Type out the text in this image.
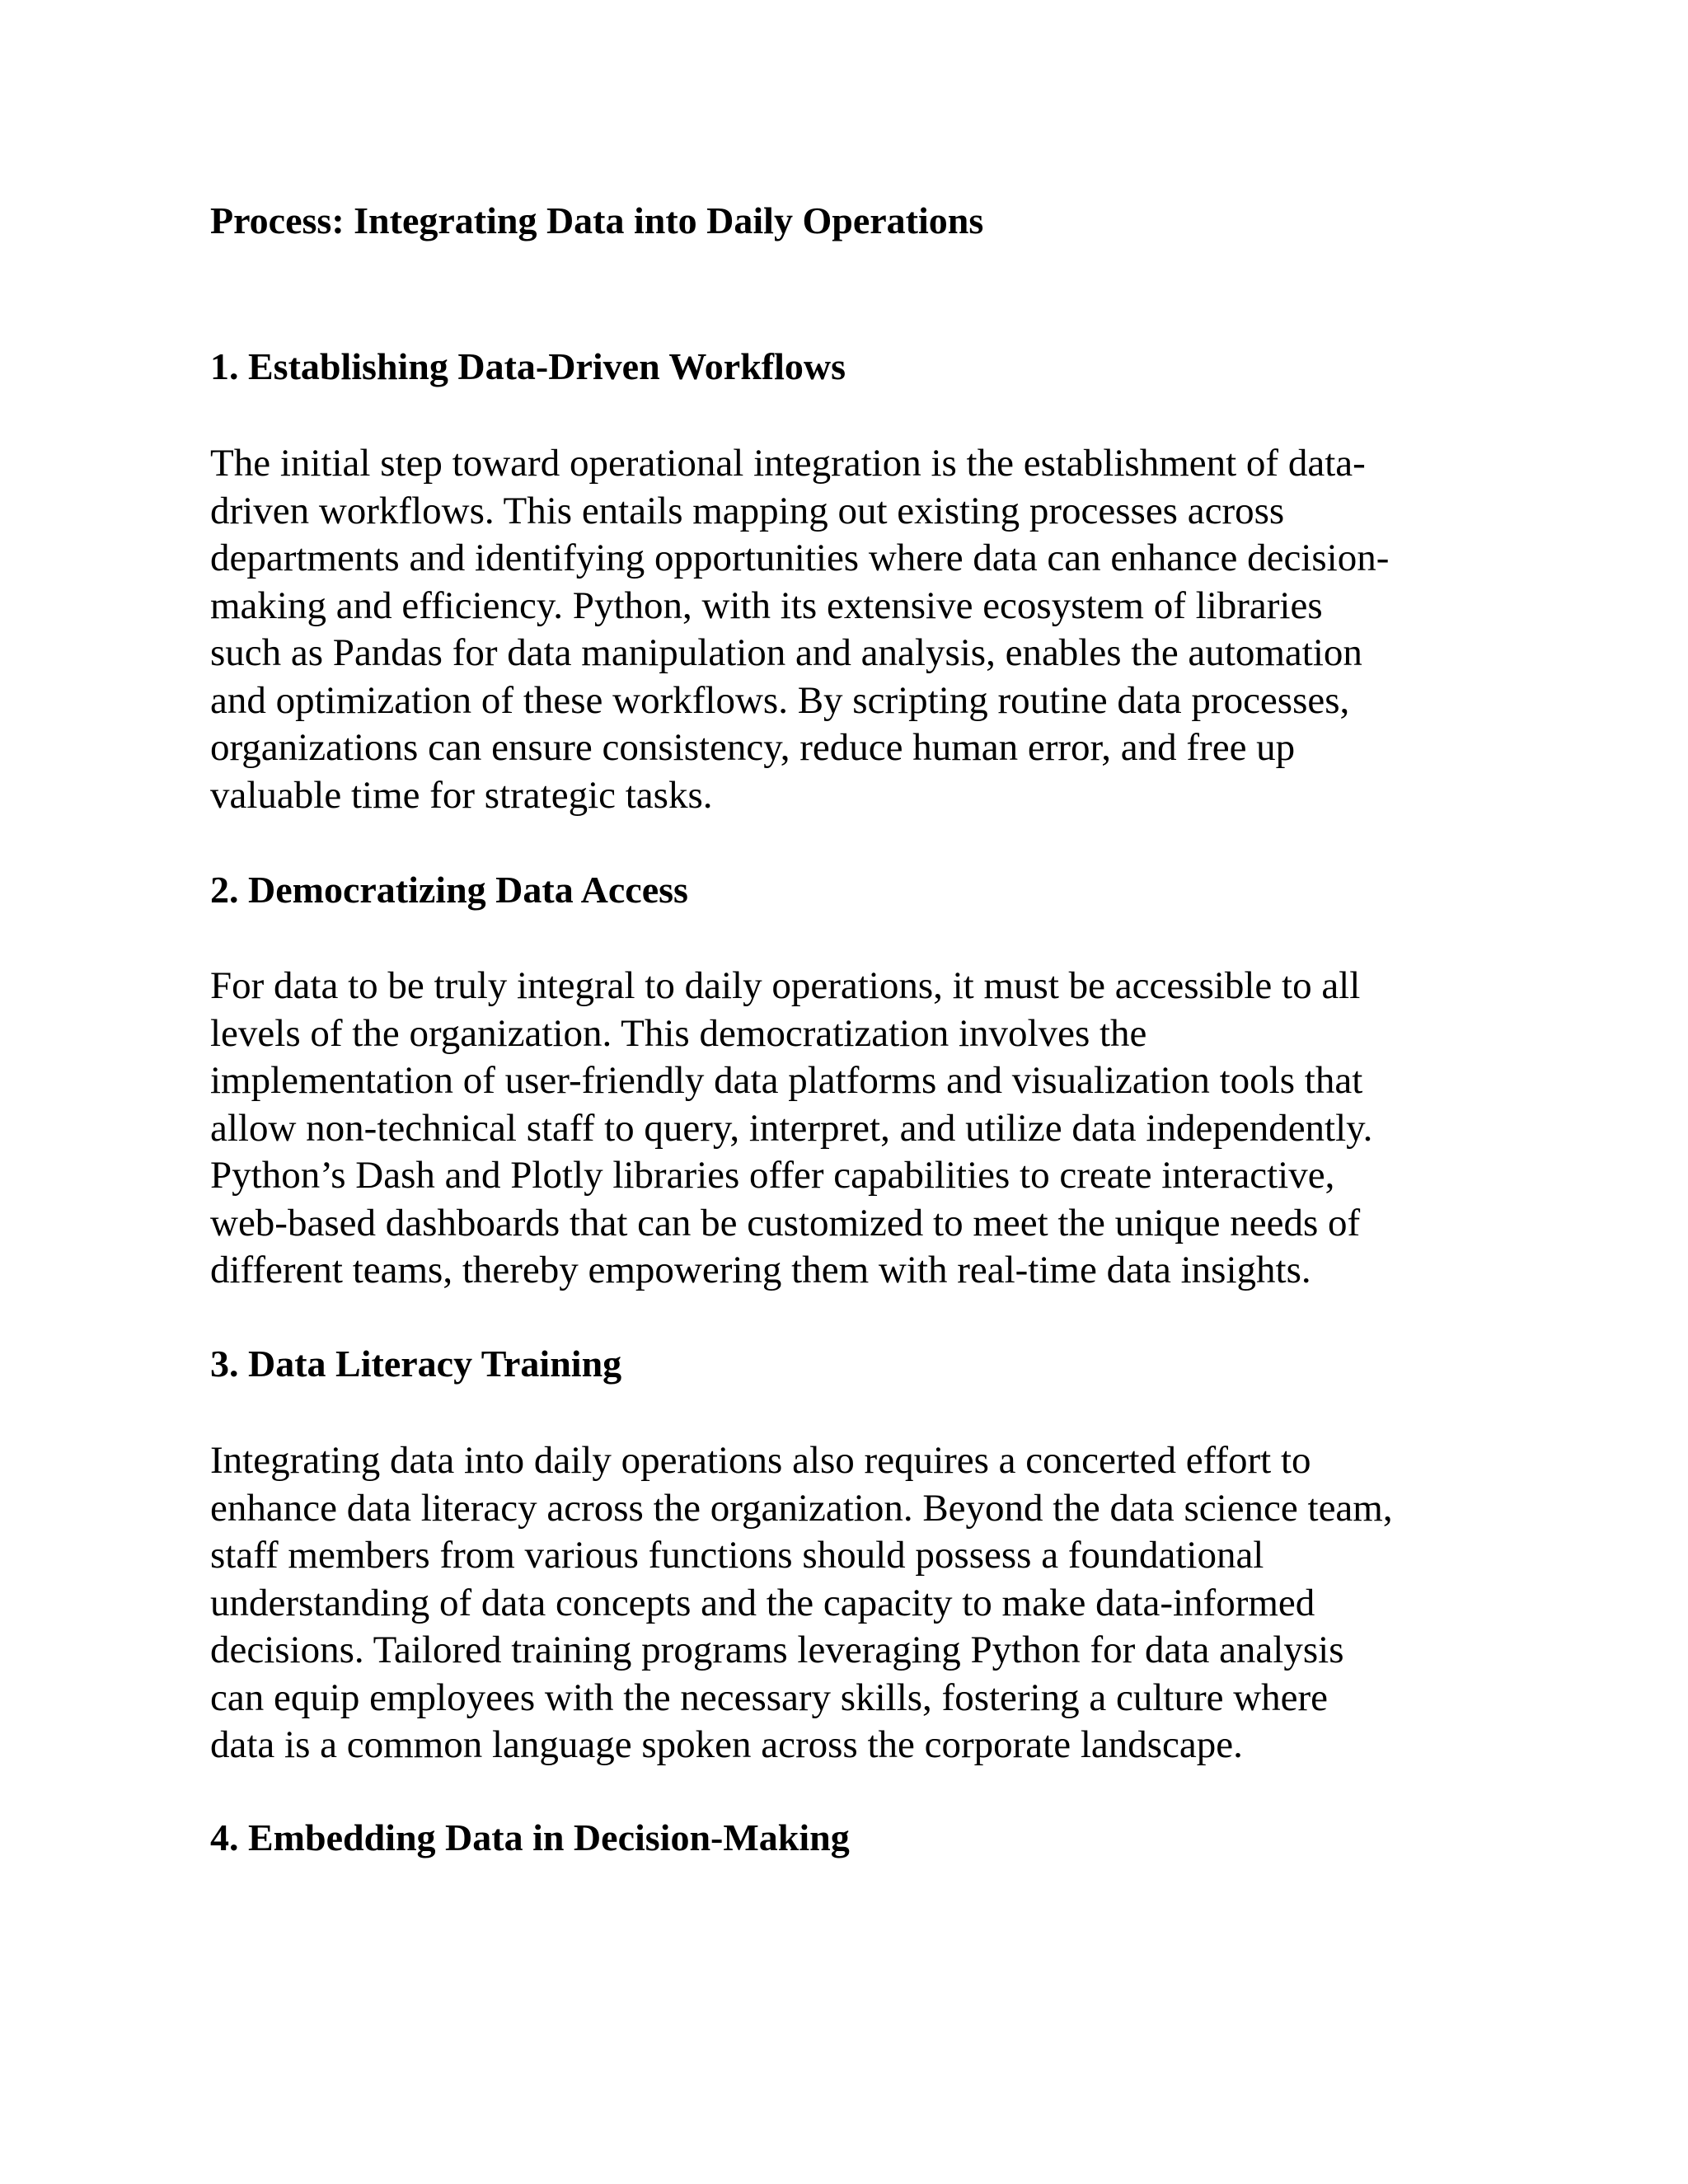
Process: Integrating Data into Daily Operations
1. Establishing Data-Driven Workflows

The initial step toward operational integration is the establishment of data-
driven workflows. This entails mapping out existing processes across
departments and identifying opportunities where data can enhance decision-
making and efficiency. Python, with its extensive ecosystem of libraries
such as Pandas for data manipulation and analysis, enables the automation
and optimization of these workflows. By scripting routine data processes,
organizations can ensure consistency, reduce human error, and free up
valuable time for strategic tasks.

2. Democratizing Data Access

For data to be truly integral to daily operations, it must be accessible to all
levels of the organization. This democratization involves the
implementation of user-friendly data platforms and visualization tools that
allow non-technical staff to query, interpret, and utilize data independently.
Python’s Dash and Plotly libraries offer capabilities to create interactive,
web-based dashboards that can be customized to meet the unique needs of
different teams, thereby empowering them with real-time data insights.

3. Data Literacy Training

Integrating data into daily operations also requires a concerted effort to
enhance data literacy across the organization. Beyond the data science team,
staff members from various functions should possess a foundational
understanding of data concepts and the capacity to make data-informed
decisions. Tailored training programs leveraging Python for data analysis
can equip employees with the necessary skills, fostering a culture where
data is a common language spoken across the corporate landscape.

4. Embedding Data in Decision-Making
